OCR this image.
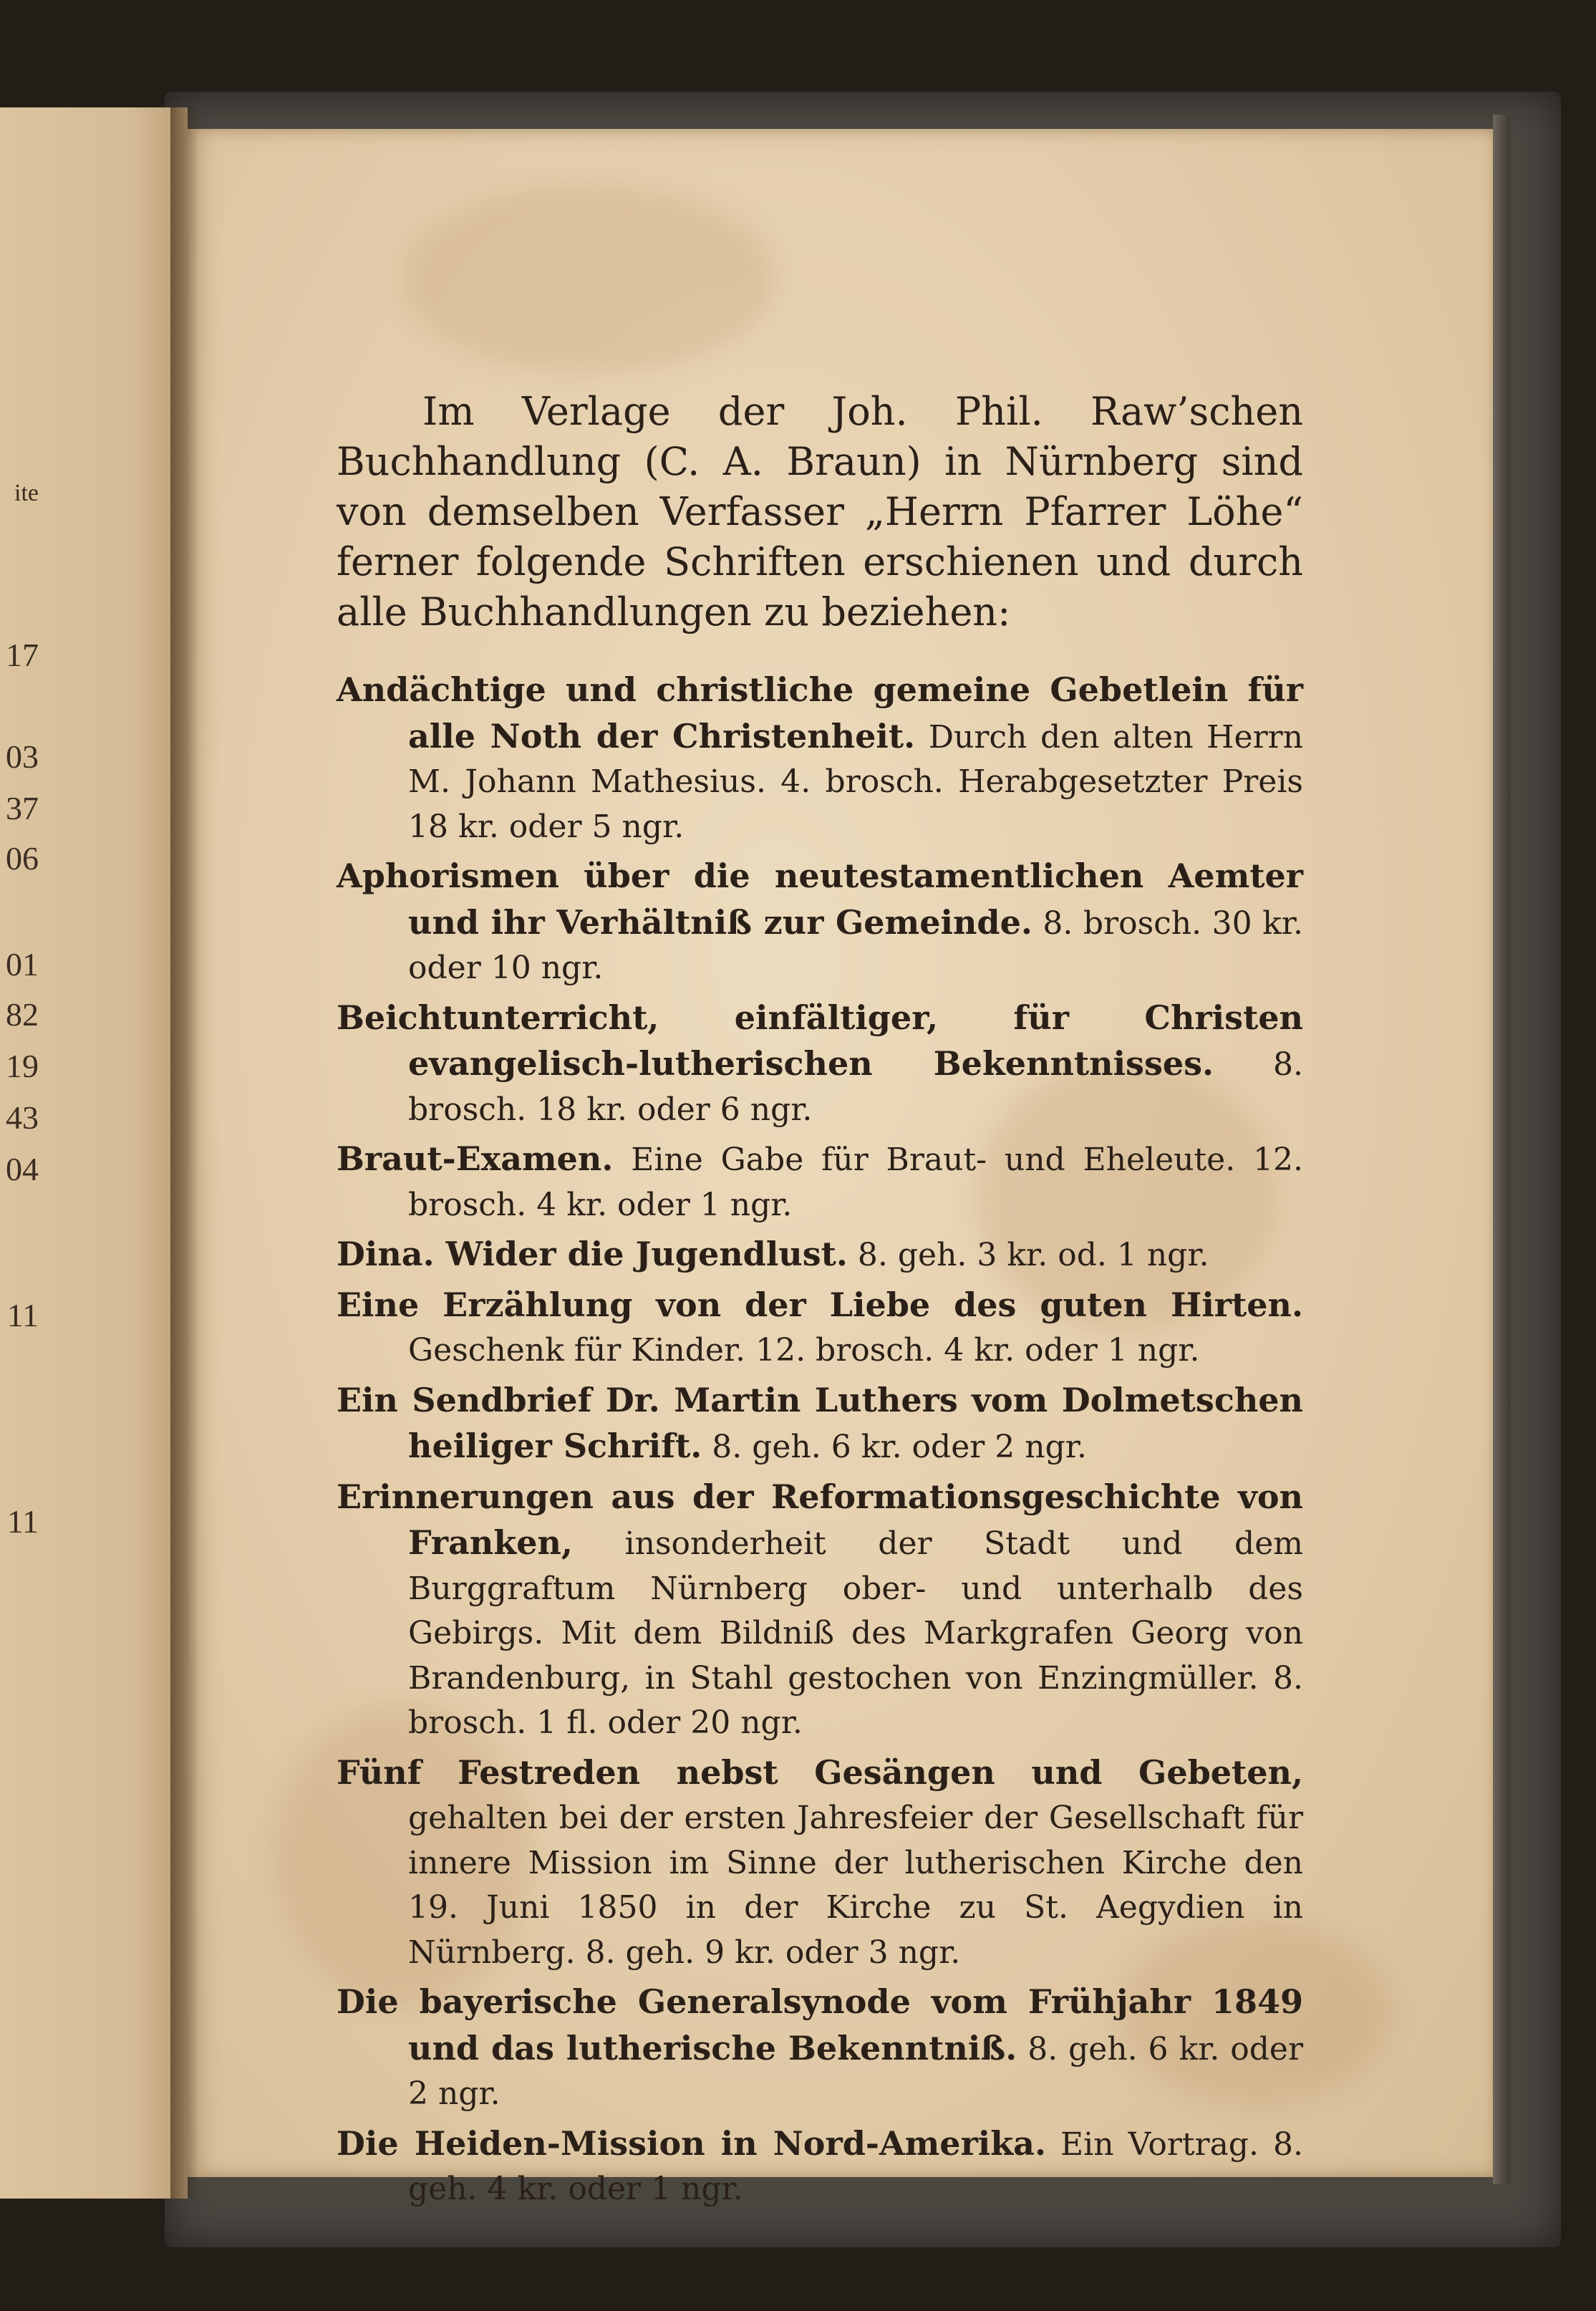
ite
17
03
37
06
01
82
19
43
04
11
11

Im Verlage der Joh. Phil. Raw’schen Buchhandlung (C. A. Braun) in Nürnberg sind von demselben Verfasser „Herrn Pfarrer Löhe“ ferner folgende Schriften erschienen und durch alle Buchhandlungen zu beziehen:

Andächtige und christliche gemeine Gebetlein für alle Noth der Christenheit. Durch den alten Herrn M. Johann Mathesius. 4. brosch. Herabgesetzter Preis 18 kr. oder 5 ngr.
Aphorismen über die neutestamentlichen Aemter und ihr Verhältniß zur Gemeinde. 8. brosch. 30 kr. oder 10 ngr.
Beichtunterricht, einfältiger, für Christen evangelisch-lutherischen Bekenntnisses. 8. brosch. 18 kr. oder 6 ngr.
Braut-Examen. Eine Gabe für Braut- und Eheleute. 12. brosch. 4 kr. oder 1 ngr.
Dina. Wider die Jugendlust. 8. geh. 3 kr. od. 1 ngr.
Eine Erzählung von der Liebe des guten Hirten. Geschenk für Kinder. 12. brosch. 4 kr. oder 1 ngr.
Ein Sendbrief Dr. Martin Luthers vom Dolmetschen heiliger Schrift. 8. geh. 6 kr. oder 2 ngr.
Erinnerungen aus der Reformationsgeschichte von Franken, insonderheit der Stadt und dem Burggraftum Nürnberg ober- und unterhalb des Gebirgs. Mit dem Bildniß des Markgrafen Georg von Brandenburg, in Stahl gestochen von Enzingmüller. 8. brosch. 1 fl. oder 20 ngr.
Fünf Festreden nebst Gesängen und Gebeten, gehalten bei der ersten Jahresfeier der Gesellschaft für innere Mission im Sinne der lutherischen Kirche den 19. Juni 1850 in der Kirche zu St. Aegydien in Nürnberg. 8. geh. 9 kr. oder 3 ngr.
Die bayerische Generalsynode vom Frühjahr 1849 und das lutherische Bekenntniß. 8. geh. 6 kr. oder 2 ngr.
Die Heiden-Mission in Nord-Amerika. Ein Vortrag. 8. geh. 4 kr. oder 1 ngr.
